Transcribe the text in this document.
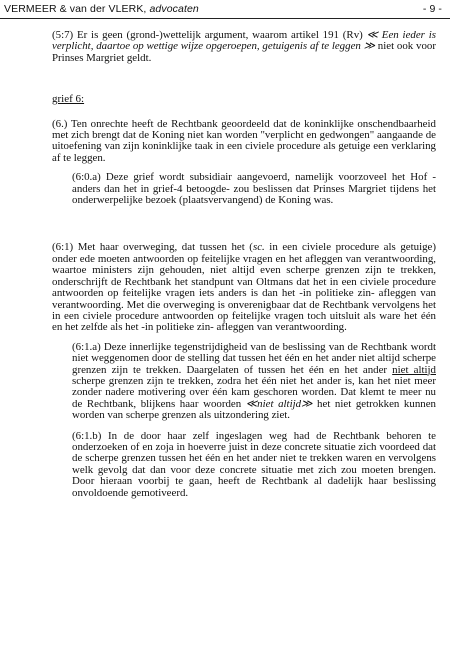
VERMEER & van der VLERK, advocaten	- 9 -

(5:7) Er is geen (grond-)wettelijk argument, waarom artikel 191 (Rv) ≪ Een ieder is verplicht, daartoe op wettige wijze opgeroepen, getuigenis af te leggen ≫ niet ook voor Prinses Margriet geldt.

grief 6:

(6.) Ten onrechte heeft de Rechtbank geoordeeld dat de koninklijke onschendbaarheid met zich brengt dat de Koning niet kan worden "verplicht en gedwongen" aangaande de uitoefening van zijn koninklijke taak in een civiele procedure als getuige een verklaring af te leggen.

(6:0.a) Deze grief wordt subsidiair aangevoerd, namelijk voorzoveel het Hof -anders dan het in grief-4 betoogde- zou beslissen dat Prinses Margriet tijdens het onderwerpelijke bezoek (plaatsvervangend) de Koning was.

(6:1) Met haar overweging, dat tussen het (sc. in een civiele procedure als getuige) onder ede moeten antwoorden op feitelijke vragen en het afleggen van verantwoording, waartoe ministers zijn gehouden, niet altijd even scherpe grenzen zijn te trekken, onderschrijft de Rechtbank het standpunt van Oltmans dat het in een civiele procedure antwoorden op feitelijke vragen iets anders is dan het -in politieke zin- afleggen van verantwoording. Met die overweging is onverenigbaar dat de Rechtbank vervolgens het in een civiele procedure antwoorden op feitelijke vragen toch uitsluit als ware het één en het zelfde als het -in politieke zin- afleggen van verantwoording.

(6:1.a) Deze innerlijke tegenstrijdigheid van de beslissing van de Rechtbank wordt niet weggenomen door de stelling dat tussen het één en het ander niet altijd scherpe grenzen zijn te trekken. Daargelaten of tussen het één en het ander niet altijd scherpe grenzen zijn te trekken, zodra het één niet het ander is, kan het niet meer zonder nadere motivering over één kam geschoren worden. Dat klemt te meer nu de Rechtbank, blijkens haar woorden ≪niet altijd≫ het niet getrokken kunnen worden van scherpe grenzen als uitzondering ziet.

(6:1.b) In de door haar zelf ingeslagen weg had de Rechtbank behoren te onderzoeken of en zoja in hoeverre juist in deze concrete situatie zich voordeed dat de scherpe grenzen tussen het één en het ander niet te trekken waren en vervolgens welk gevolg dat dan voor deze concrete situatie met zich zou moeten brengen. Door hieraan voorbij te gaan, heeft de Rechtbank al dadelijk haar beslissing onvoldoende gemotiveerd.
